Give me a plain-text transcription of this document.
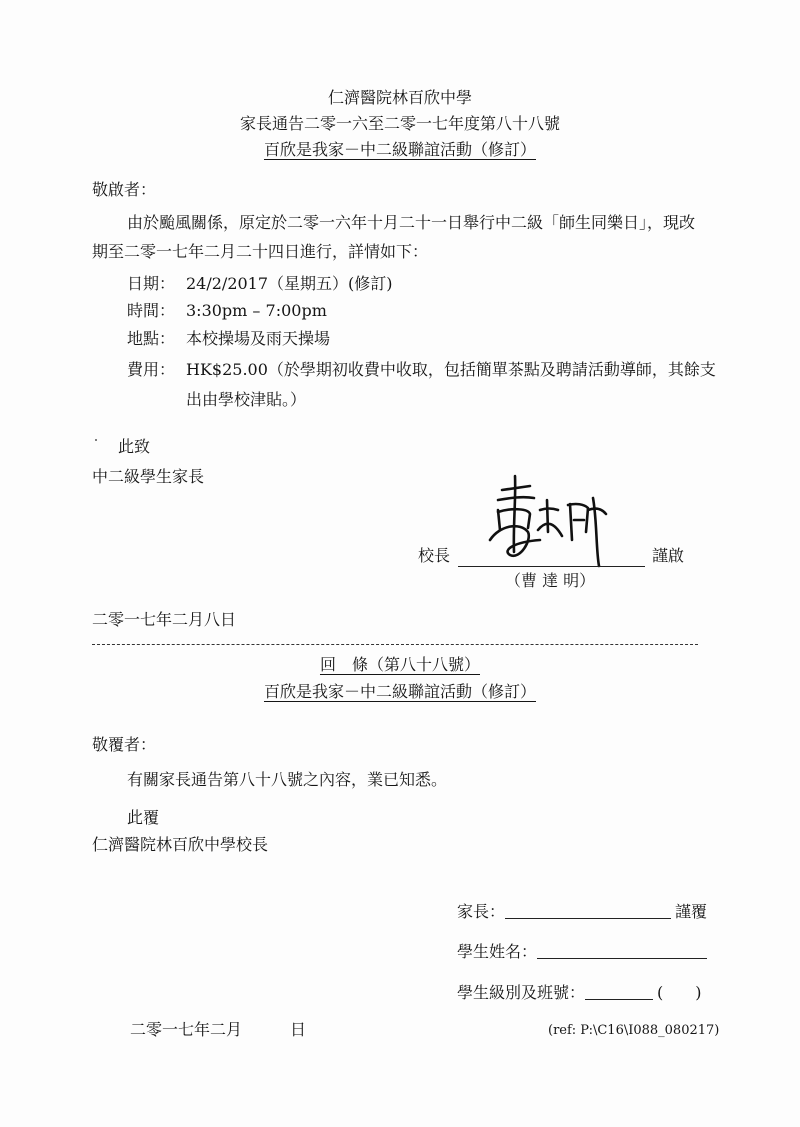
仁濟醫院林百欣中學
家長通告二零一六至二零一七年度第八十八號
百欣是我家－中二級聯誼活動（修訂）
敬啟者：
由於颱風關係，原定於二零一六年十月二十一日舉行中二級「師生同樂日」，現改
期至二零一七年二月二十四日進行，詳情如下：
日期： 24/2/2017（星期五）(修訂)
時間： 3:30pm – 7:00pm
地點： 本校操場及雨天操場
費用： HK$25.00（於學期初收費中收取，包括簡單茶點及聘請活動導師，其餘支
出由學校津貼。）
此致
中二級學生家長
校長	謹啟
（曹 達 明）
二零一七年二月八日
回　條（第八十八號）
百欣是我家－中二級聯誼活動（修訂）
敬覆者：
有關家長通告第八十八號之內容，業已知悉。
此覆
仁濟醫院林百欣中學校長
家長：	謹覆
學生姓名：
學生級別及班號：	(　　)
二零一七年二月　　　日	(ref: P:\C16\I088_080217)
